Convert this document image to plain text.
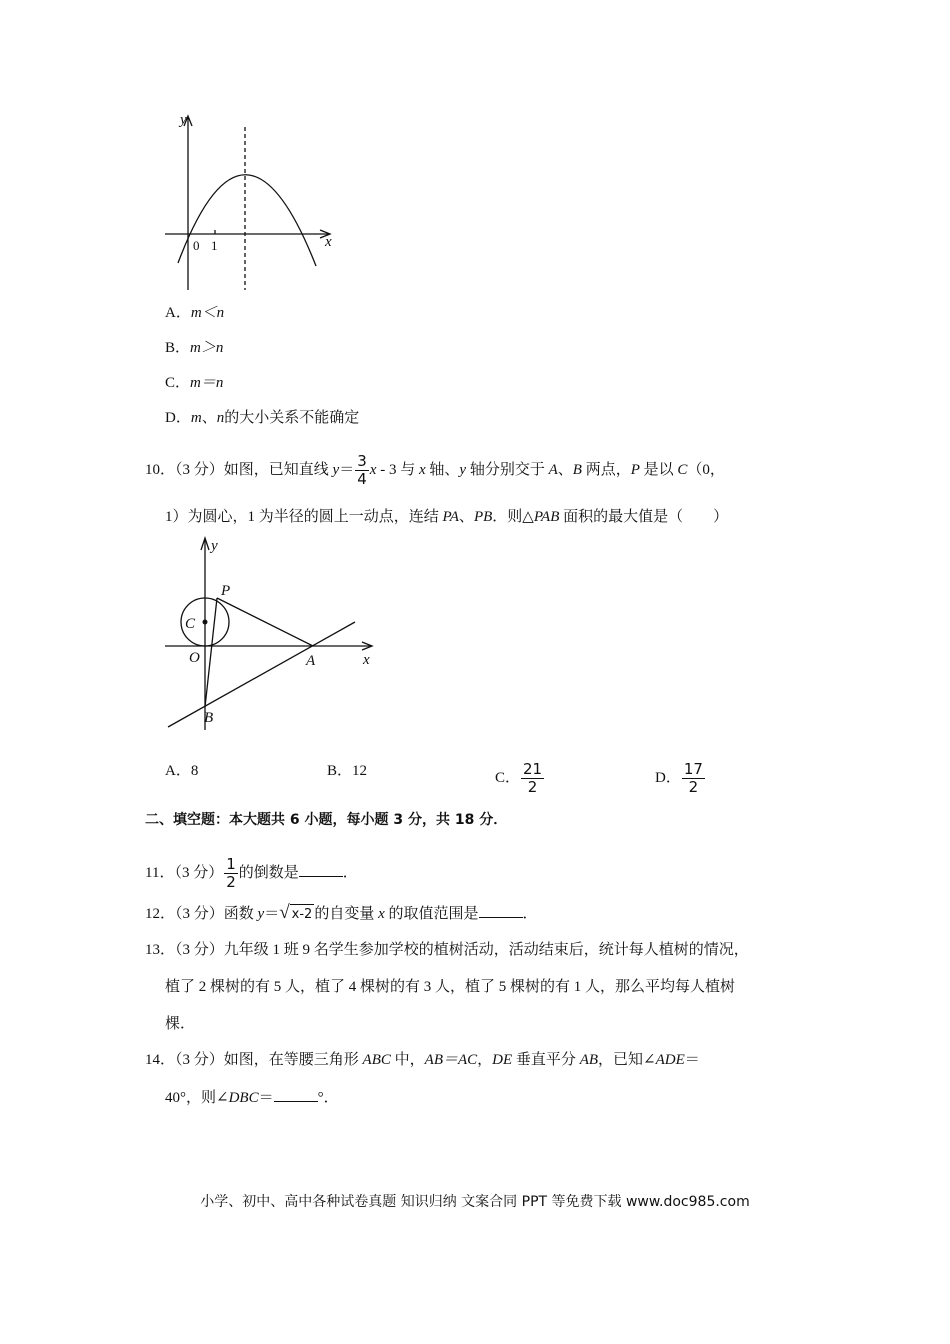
y
x
0 1
y
x
C
O
P
A
B
A．m＜n
B．m＞n
C．m＝n
D．m、n的大小关系不能确定
10．（3 分）如图，已知直线 $y= \frac{3}{4}$ x - 3 与 x 轴、y 轴分别交于 A、B 两点，P 是以 C（0，
1）为圆心，1 为半径的圆上一动点，连结 PA、PB．则△PAB 面积的最大值是（　　）
A．8	B．12	C． $\frac{21}{2}$	D． $\frac{17}{2}$
二、填空题：本大题共 6 小题，每小题 3 分，共 18 分．
11．（3 分） $\frac{1}{2}$ 的倒数是	．
12．（3 分）函数 y＝√ x-2 的自变量 x 的取值范围是	．
13．（3 分）九年级 1 班 9 名学生参加学校的植树活动，活动结束后，统计每人植树的情况，
植了 2 棵树的有 5 人，植了 4 棵树的有 3 人，植了 5 棵树的有 1 人，那么平均每人植树
棵．
14．（3 分）如图，在等腰三角形 ABC 中，AB＝AC，DE 垂直平分 AB，已知∠ADE＝
40°，则∠DBC＝	°．
小学、初中、高中各种试卷真题 知识归纳 文案合同 PPT 等免费下载 www.doc985.com
